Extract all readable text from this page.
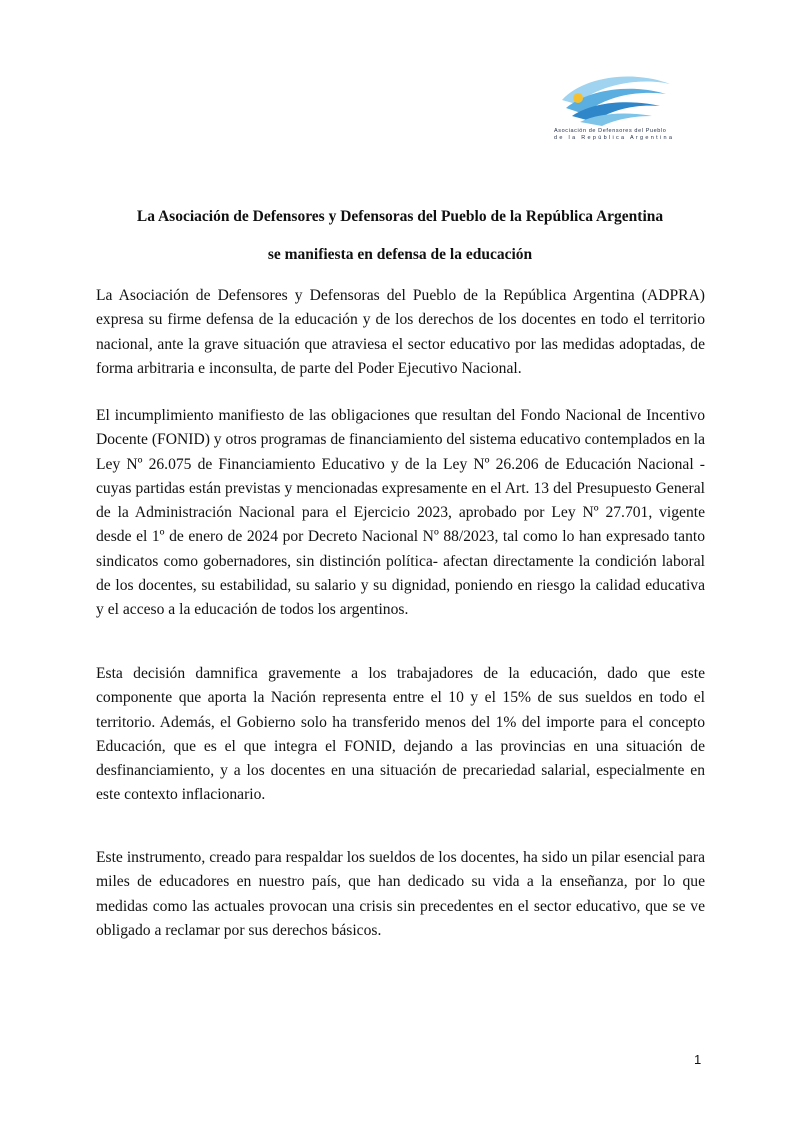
Asociación de Defensores del Pueblo
de la República Argentina
La Asociación de Defensores y Defensoras del Pueblo de la República Argentina
se manifiesta en defensa de la educación

La Asociación de Defensores y Defensoras del Pueblo de la República Argentina (ADPRA) expresa su firme defensa de la educación y de los derechos de los docentes en todo el territorio nacional, ante la grave situación que atraviesa el sector educativo por las medidas adoptadas, de forma arbitraria e inconsulta, de parte del Poder Ejecutivo Nacional.

El incumplimiento manifiesto de las obligaciones que resultan del Fondo Nacional de Incentivo Docente (FONID) y otros programas de financiamiento del sistema educativo contemplados en la Ley Nº 26.075 de Financiamiento Educativo y de la Ley Nº 26.206 de Educación Nacional -cuyas partidas están previstas y mencionadas expresamente en el Art. 13 del Presupuesto General de la Administración Nacional para el Ejercicio 2023, aprobado por Ley Nº 27.701, vigente desde el 1º de enero de 2024 por Decreto Nacional Nº 88/2023, tal como lo han expresado tanto sindicatos como gobernadores, sin distinción política- afectan directamente la condición laboral de los docentes, su estabilidad, su salario y su dignidad, poniendo en riesgo la calidad educativa y el acceso a la educación de todos los argentinos.

Esta decisión damnifica gravemente a los trabajadores de la educación, dado que este componente que aporta la Nación representa entre el 10 y el 15% de sus sueldos en todo el territorio. Además, el Gobierno solo ha transferido menos del 1% del importe para el concepto Educación, que es el que integra el FONID, dejando a las provincias en una situación de desfinanciamiento, y a los docentes en una situación de precariedad salarial, especialmente en este contexto inflacionario.

Este instrumento, creado para respaldar los sueldos de los docentes, ha sido un pilar esencial para miles de educadores en nuestro país, que han dedicado su vida a la enseñanza, por lo que medidas como las actuales provocan una crisis sin precedentes en el sector educativo, que se ve obligado a reclamar por sus derechos básicos.

1
